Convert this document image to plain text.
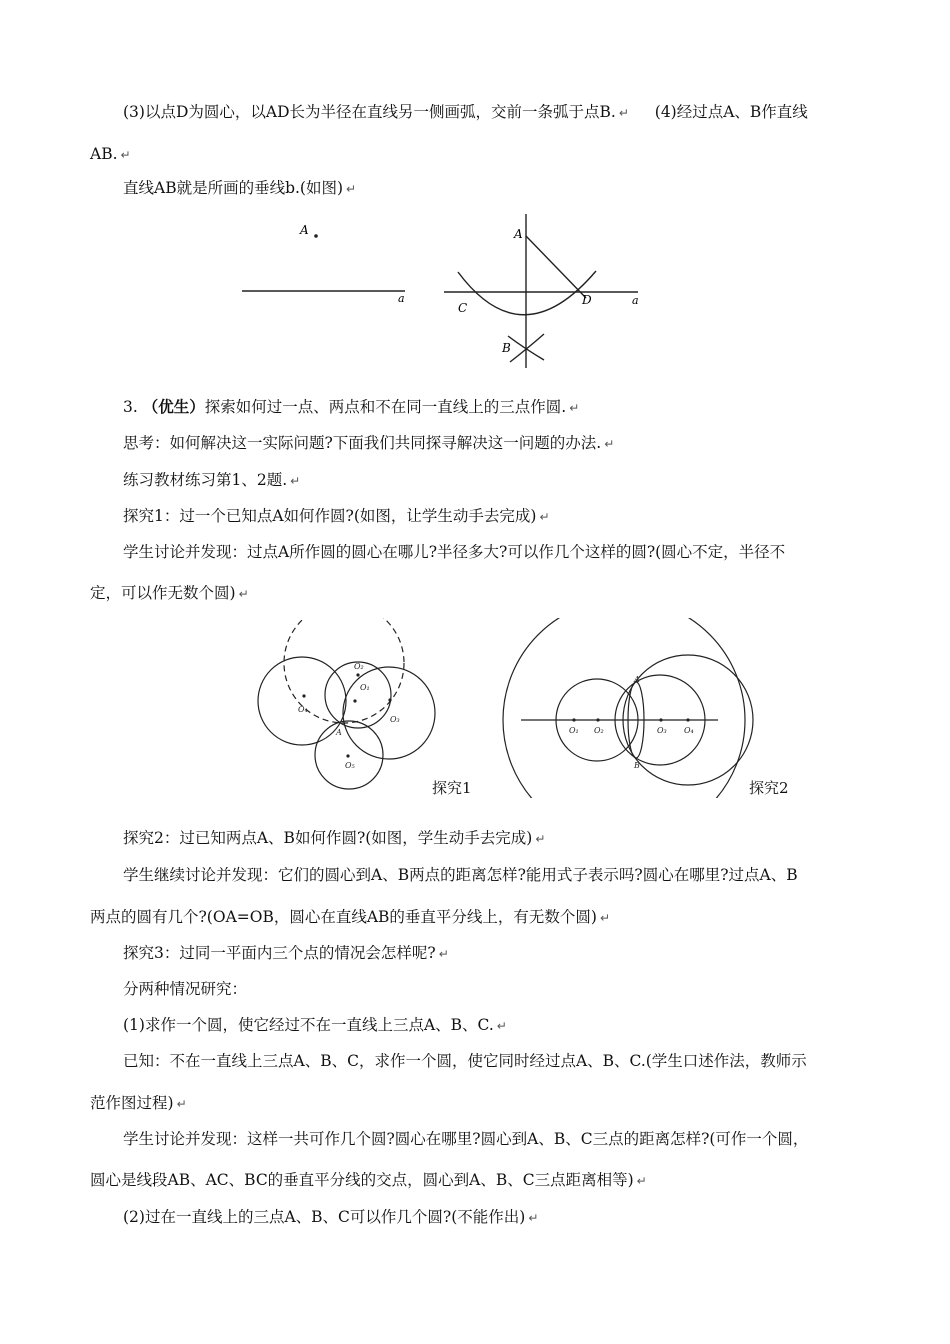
(3)以点D为圆心，以AD长为半径在直线另一侧画弧，交前一条弧于点B. ↵ (4)经过点A、B作直线
AB. ↵
直线AB就是所画的垂线b.(如图) ↵
A
a
A
C
D
B
a
3. （优生）探索如何过一点、两点和不在同一直线上的三点作圆. ↵
思考：如何解决这一实际问题?下面我们共同探寻解决这一问题的办法. ↵
练习教材练习第1、2题. ↵
探究1：过一个已知点A如何作圆?(如图，让学生动手去完成) ↵
学生讨论并发现：过点A所作圆的圆心在哪儿?半径多大?可以作几个这样的圆?(圆心不定，半径不
定，可以作无数个圆) ↵
O₁
O₂
O₃
O₄
O₅
A	O₁ O₂	O₃ O₄
A
B
探究1	探究2
探究2：过已知两点A、B如何作圆?(如图，学生动手去完成) ↵
学生继续讨论并发现：它们的圆心到A、B两点的距离怎样?能用式子表示吗?圆心在哪里?过点A、B
两点的圆有几个?(OA=OB，圆心在直线AB的垂直平分线上，有无数个圆) ↵
探究3：过同一平面内三个点的情况会怎样呢? ↵
分两种情况研究：
(1)求作一个圆，使它经过不在一直线上三点A、B、C. ↵
已知：不在一直线上三点A、B、C，求作一个圆，使它同时经过点A、B、C.(学生口述作法，教师示
范作图过程) ↵
学生讨论并发现：这样一共可作几个圆?圆心在哪里?圆心到A、B、C三点的距离怎样?(可作一个圆，
圆心是线段AB、AC、BC的垂直平分线的交点，圆心到A、B、C三点距离相等) ↵
(2)过在一直线上的三点A、B、C可以作几个圆?(不能作出) ↵
